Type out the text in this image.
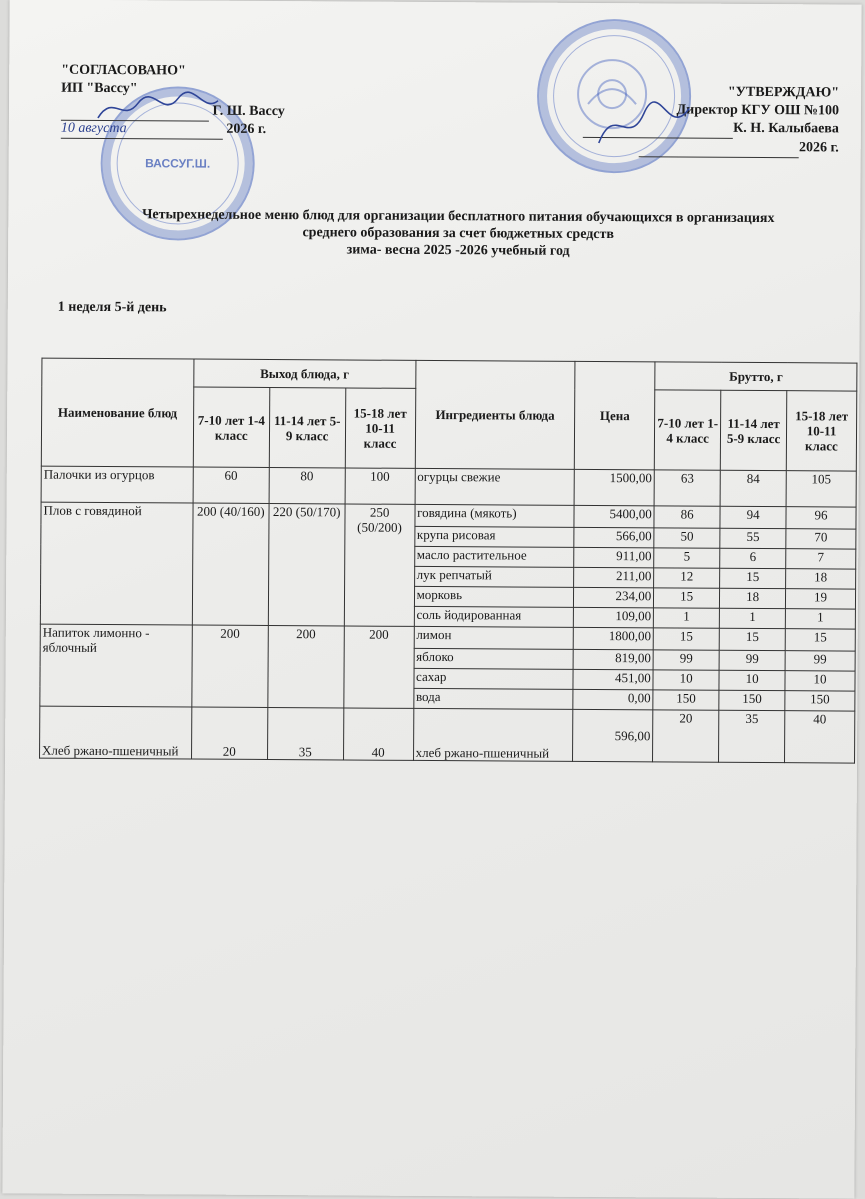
ВАССУГ.Ш.
"СОГЛАСОВАНО"
ИП "Вассу"
Г. Ш. Вассу
10 августа	2026 г.
"УТВЕРЖДАЮ"
Директор КГУ ОШ №100
К. Н. Калыбаева
2026 г.
Четырехнедельное меню блюд для организации бесплатного питания обучающихся в организациях
среднего образования за счет бюджетных средств
зима- весна 2025 -2026 учебный год
1 неделя 5-й день
Наименование блюд	Выход блюда, г			Ингредиенты блюда	Цена	Брутто, г		
	7-10 лет 1-4 класс	11-14 лет 5-9 класс	15-18 лет 10-11 класс			7-10 лет 1-4 класс	11-14 лет 5-9 класс	15-18 лет 10-11 класс
Палочки из огурцов	60	80	100	огурцы свежие	1500,00	63	84	105
Плов с говядиной	200 (40/160)	220 (50/170)	250 (50/200)	говядина (мякоть)	5400,00	86	94	96
				крупа рисовая	566,00	50	55	70
				масло растительное	911,00	5	6	7
				лук репчатый	211,00	12	15	18
				морковь	234,00	15	18	19
				соль йодированная	109,00	1	1	1
Напиток лимонно - яблочный	200	200	200	лимон	1800,00	15	15	15
				яблоко	819,00	99	99	99
				сахар	451,00	10	10	10
				вода	0,00	150	150	150
Хлеб ржано-пшеничный	20	35	40	хлеб ржано-пшеничный	596,00	20	35	40
